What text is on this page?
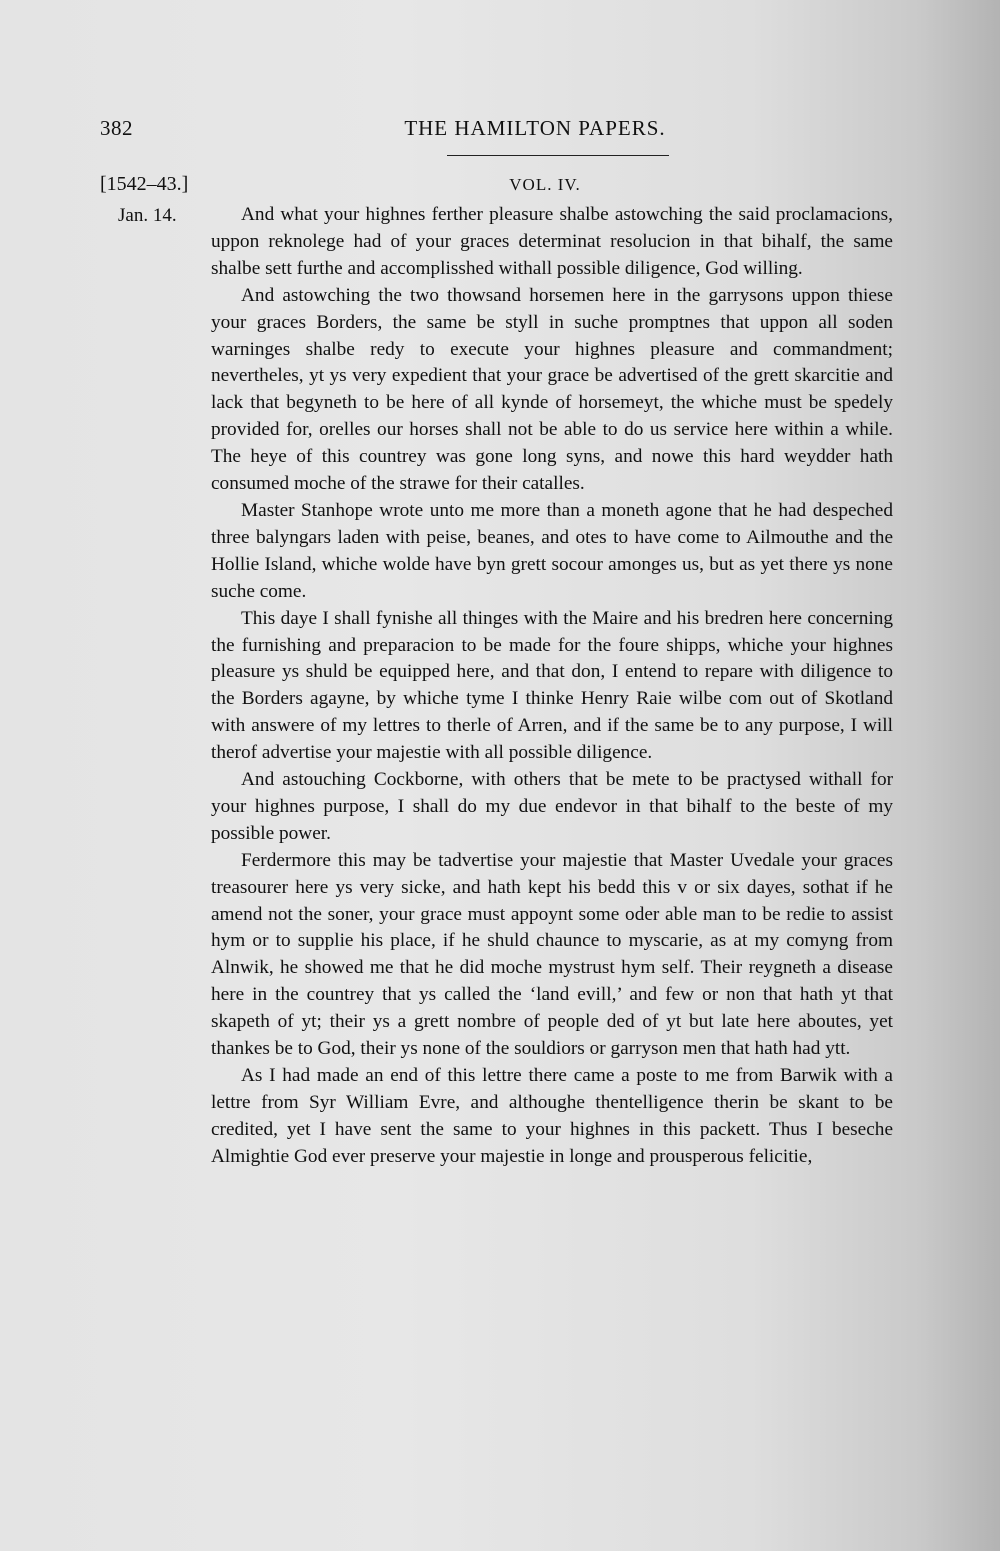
382	THE HAMILTON PAPERS.
[1542–43.]	VOL. IV.
Jan. 14.	And what your highnes ferther pleasure shalbe astowching the said proclamacions, uppon reknolege had of your graces determinat resolucion in that bihalf, the same shalbe sett furthe and accomplisshed withall possible diligence, God willing.

And astowching the two thowsand horsemen here in the garrysons uppon thiese your graces Borders, the same be styll in suche promptnes that uppon all soden warninges shalbe redy to execute your highnes pleasure and commandment; nevertheles, yt ys very expedient that your grace be advertised of the grett skarcitie and lack that begyneth to be here of all kynde of horsemeyt, the whiche must be spedely provided for, orelles our horses shall not be able to do us service here within a while. The heye of this countrey was gone long syns, and nowe this hard weydder hath consumed moche of the strawe for their catalles.

Master Stanhope wrote unto me more than a moneth agone that he had despeched three balyngars laden with peise, beanes, and otes to have come to Ailmouthe and the Hollie Island, whiche wolde have byn grett socour amonges us, but as yet there ys none suche come.

This daye I shall fynishe all thinges with the Maire and his bredren here concerning the furnishing and preparacion to be made for the foure shipps, whiche your highnes pleasure ys shuld be equipped here, and that don, I entend to repare with diligence to the Borders agayne, by whiche tyme I thinke Henry Raie wilbe com out of Skotland with answere of my lettres to therle of Arren, and if the same be to any purpose, I will therof advertise your majestie with all possible diligence.

And astouching Cockborne, with others that be mete to be practysed withall for your highnes purpose, I shall do my due endevor in that bihalf to the beste of my possible power.

Ferdermore this may be tadvertise your majestie that Master Uvedale your graces treasourer here ys very sicke, and hath kept his bedd this v or six dayes, sothat if he amend not the soner, your grace must appoynt some oder able man to be redie to assist hym or to supplie his place, if he shuld chaunce to myscarie, as at my comyng from Alnwik, he showed me that he did moche mystrust hym self. Their reygneth a disease here in the countrey that ys called the ‘land evill,’ and few or non that hath yt that skapeth of yt; their ys a grett nombre of people ded of yt but late here aboutes, yet thankes be to God, their ys none of the souldiors or garryson men that hath had ytt.

As I had made an end of this lettre there came a poste to me from Barwik with a lettre from Syr William Evre, and althoughe thentelligence therin be skant to be credited, yet I have sent the same to your highnes in this packett. Thus I beseche Almightie God ever preserve your majestie in longe and prousperous felicitie,
